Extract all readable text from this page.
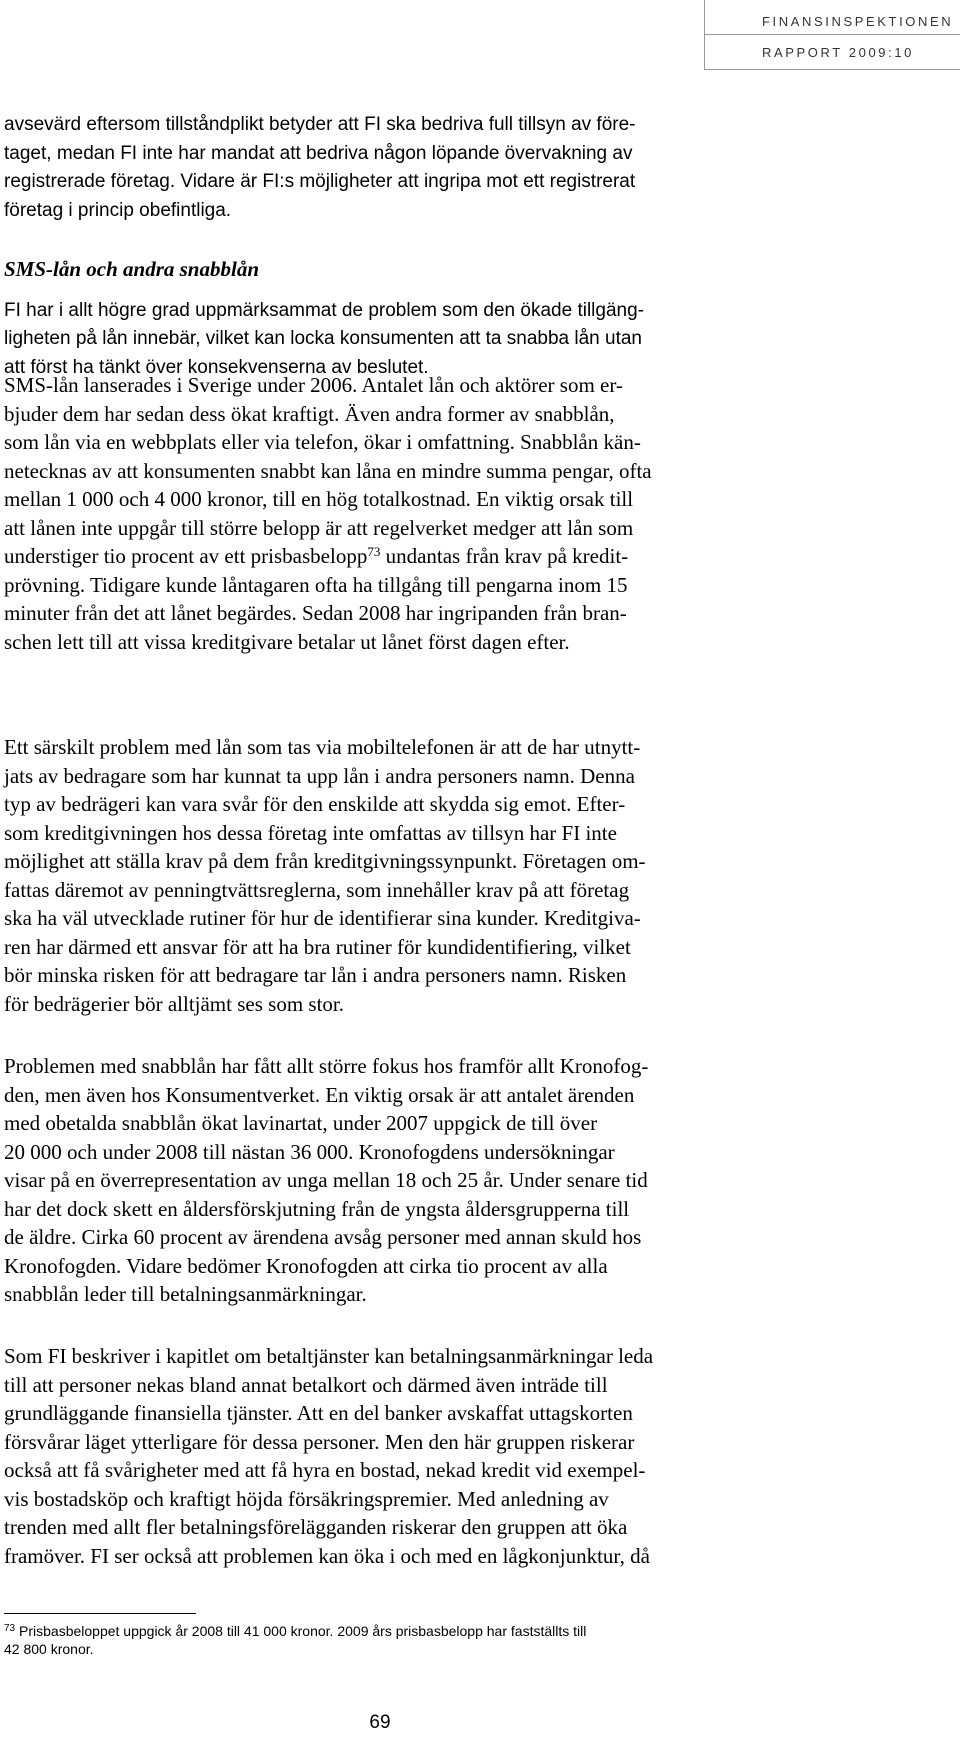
FINANSINSPEKTIONEN
RAPPORT 2009:10
avsevärd eftersom tillståndplikt betyder att FI ska bedriva full tillsyn av före-
taget, medan FI inte har mandat att bedriva någon löpande övervakning av
registrerade företag. Vidare är FI:s möjligheter att ingripa mot ett registrerat
företag i princip obefintliga.
SMS-lån och andra snabblån
FI har i allt högre grad uppmärksammat de problem som den ökade tillgäng-
ligheten på lån innebär, vilket kan locka konsumenten att ta snabba lån utan
att först ha tänkt över konsekvenserna av beslutet.
SMS-lån lanserades i Sverige under 2006. Antalet lån och aktörer som er-
bjuder dem har sedan dess ökat kraftigt. Även andra former av snabblån,
som lån via en webbplats eller via telefon, ökar i omfattning. Snabblån kän-
netecknas av att konsumenten snabbt kan låna en mindre summa pengar, ofta
mellan 1 000 och 4 000 kronor, till en hög totalkostnad. En viktig orsak till
att lånen inte uppgår till större belopp är att regelverket medger att lån som
understiger tio procent av ett prisbasbelopp$^{73}$ undantas från krav på kredit-
prövning. Tidigare kunde låntagaren ofta ha tillgång till pengarna inom 15
minuter från det att lånet begärdes. Sedan 2008 har ingripanden från bran-
schen lett till att vissa kreditgivare betalar ut lånet först dagen efter.
Ett särskilt problem med lån som tas via mobiltelefonen är att de har utnytt-
jats av bedragare som har kunnat ta upp lån i andra personers namn. Denna
typ av bedrägeri kan vara svår för den enskilde att skydda sig emot. Efter-
som kreditgivningen hos dessa företag inte omfattas av tillsyn har FI inte
möjlighet att ställa krav på dem från kreditgivningssynpunkt. Företagen om-
fattas däremot av penningtvättsreglerna, som innehåller krav på att företag
ska ha väl utvecklade rutiner för hur de identifierar sina kunder. Kreditgiva-
ren har därmed ett ansvar för att ha bra rutiner för kundidentifiering, vilket
bör minska risken för att bedragare tar lån i andra personers namn. Risken
för bedrägerier bör alltjämt ses som stor.
Problemen med snabblån har fått allt större fokus hos framför allt Kronofog-
den, men även hos Konsumentverket. En viktig orsak är att antalet ärenden
med obetalda snabblån ökat lavinartat, under 2007 uppgick de till över
20 000 och under 2008 till nästan 36 000. Kronofogdens undersökningar
visar på en överrepresentation av unga mellan 18 och 25 år. Under senare tid
har det dock skett en åldersförskjutning från de yngsta åldersgrupperna till
de äldre. Cirka 60 procent av ärendena avsåg personer med annan skuld hos
Kronofogden. Vidare bedömer Kronofogden att cirka tio procent av alla
snabblån leder till betalningsanmärkningar.
Som FI beskriver i kapitlet om betaltjänster kan betalningsanmärkningar leda
till att personer nekas bland annat betalkort och därmed även inträde till
grundläggande finansiella tjänster. Att en del banker avskaffat uttagskorten
försvårar läget ytterligare för dessa personer. Men den här gruppen riskerar
också att få svårigheter med att få hyra en bostad, nekad kredit vid exempel-
vis bostadsköp och kraftigt höjda försäkringspremier. Med anledning av
trenden med allt fler betalningsförelägganden riskerar den gruppen att öka
framöver. FI ser också att problemen kan öka i och med en lågkonjunktur, då
$^{73}$ Prisbasbeloppet uppgick år 2008 till 41 000 kronor. 2009 års prisbasbelopp har fastställts till
42 800 kronor.
69
